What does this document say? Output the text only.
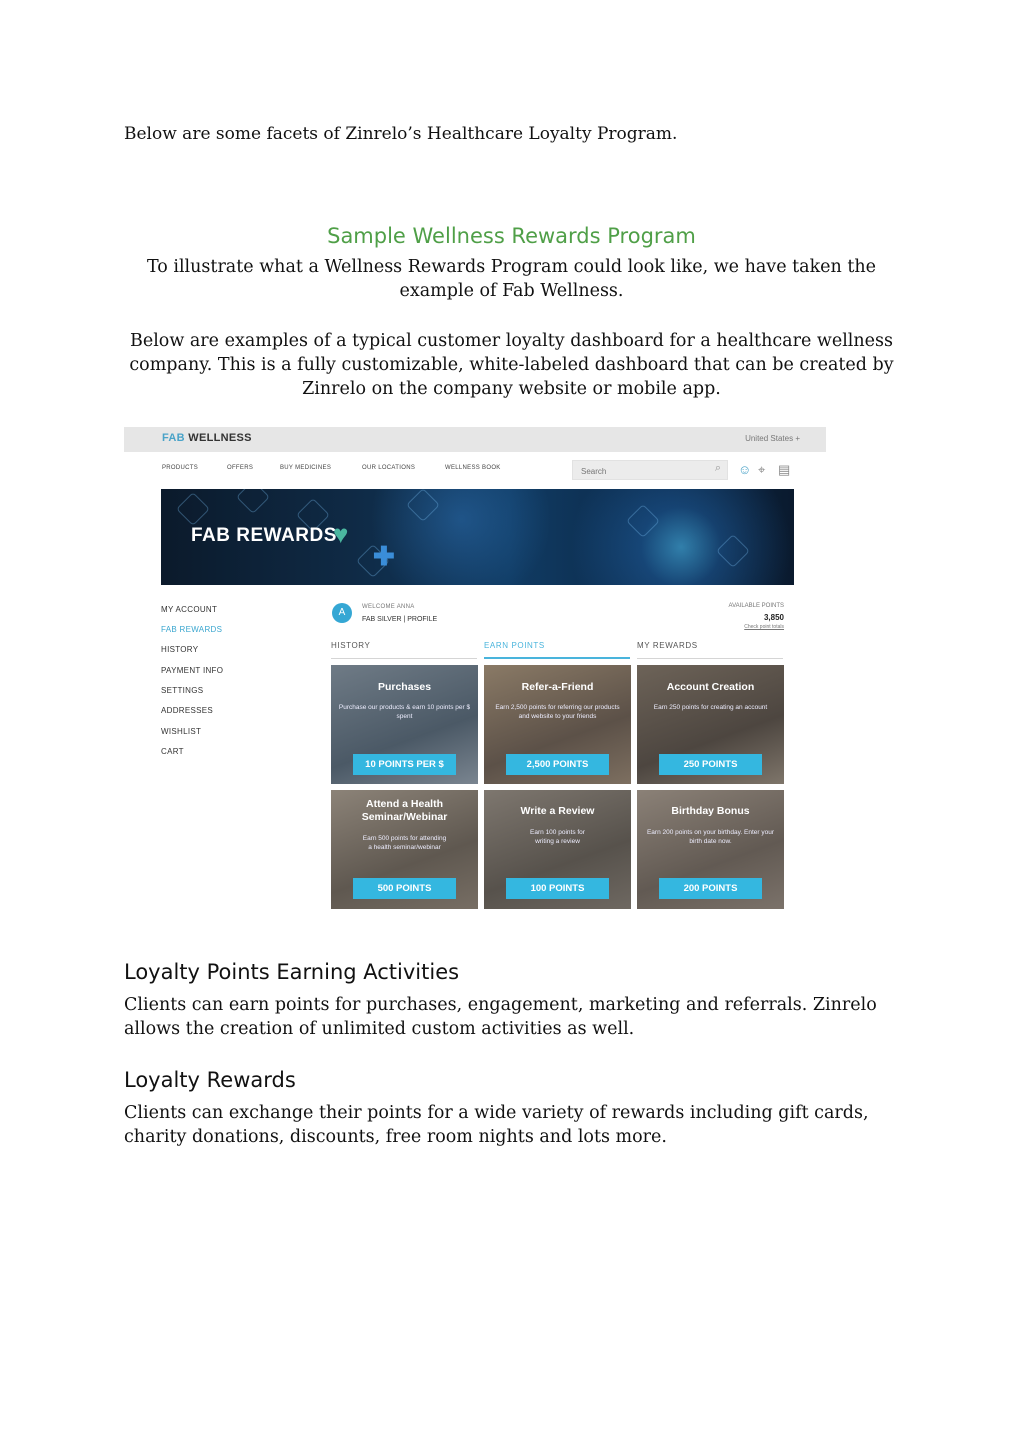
Below are some facets of Zinrelo’s Healthcare Loyalty Program.

Sample Wellness Rewards Program

To illustrate what a Wellness Rewards Program could look like, we have taken the

example of Fab Wellness.

Below are examples of a typical customer loyalty dashboard for a healthcare wellness

company. This is a fully customizable, white-labeled dashboard that can be created by

Zinrelo on the company website or mobile app.

FAB WELLNESS	United States +
PRODUCTS	OFFERS	BUY MEDICINES	OUR LOCATIONS	WELLNESS BOOK
Search	⌕ ☺ ⌖ ▤
FAB REWARDS
♥
✚
MY ACCOUNT
FAB REWARDS
HISTORY
PAYMENT INFO
SETTINGS
ADDRESSES
WISHLIST
CART
A	WELCOME ANNA
FAB SILVER | PROFILE
AVAILABLE POINTS
3,850
Check point totals
HISTORY	EARN POINTS	MY REWARDS
Purchases
Purchase our products & earn 10 points per $ spent
10 POINTS PER $
Refer-a-Friend
Earn 2,500 points for referring our products and website to your friends
2,500 POINTS
Account Creation
Earn 250 points for creating an account
250 POINTS
Attend a Health Seminar/Webinar
Earn 500 points for attending a health seminar/webinar
500 POINTS
Write a Review
Earn 100 points for writing a review
100 POINTS
Birthday Bonus
Earn 200 points on your birthday. Enter your birth date now.
200 POINTS
Loyalty Points Earning Activities

Clients can earn points for purchases, engagement, marketing and referrals. Zinrelo

allows the creation of unlimited custom activities as well.

Loyalty Rewards

Clients can exchange their points for a wide variety of rewards including gift cards,

charity donations, discounts, free room nights and lots more.
